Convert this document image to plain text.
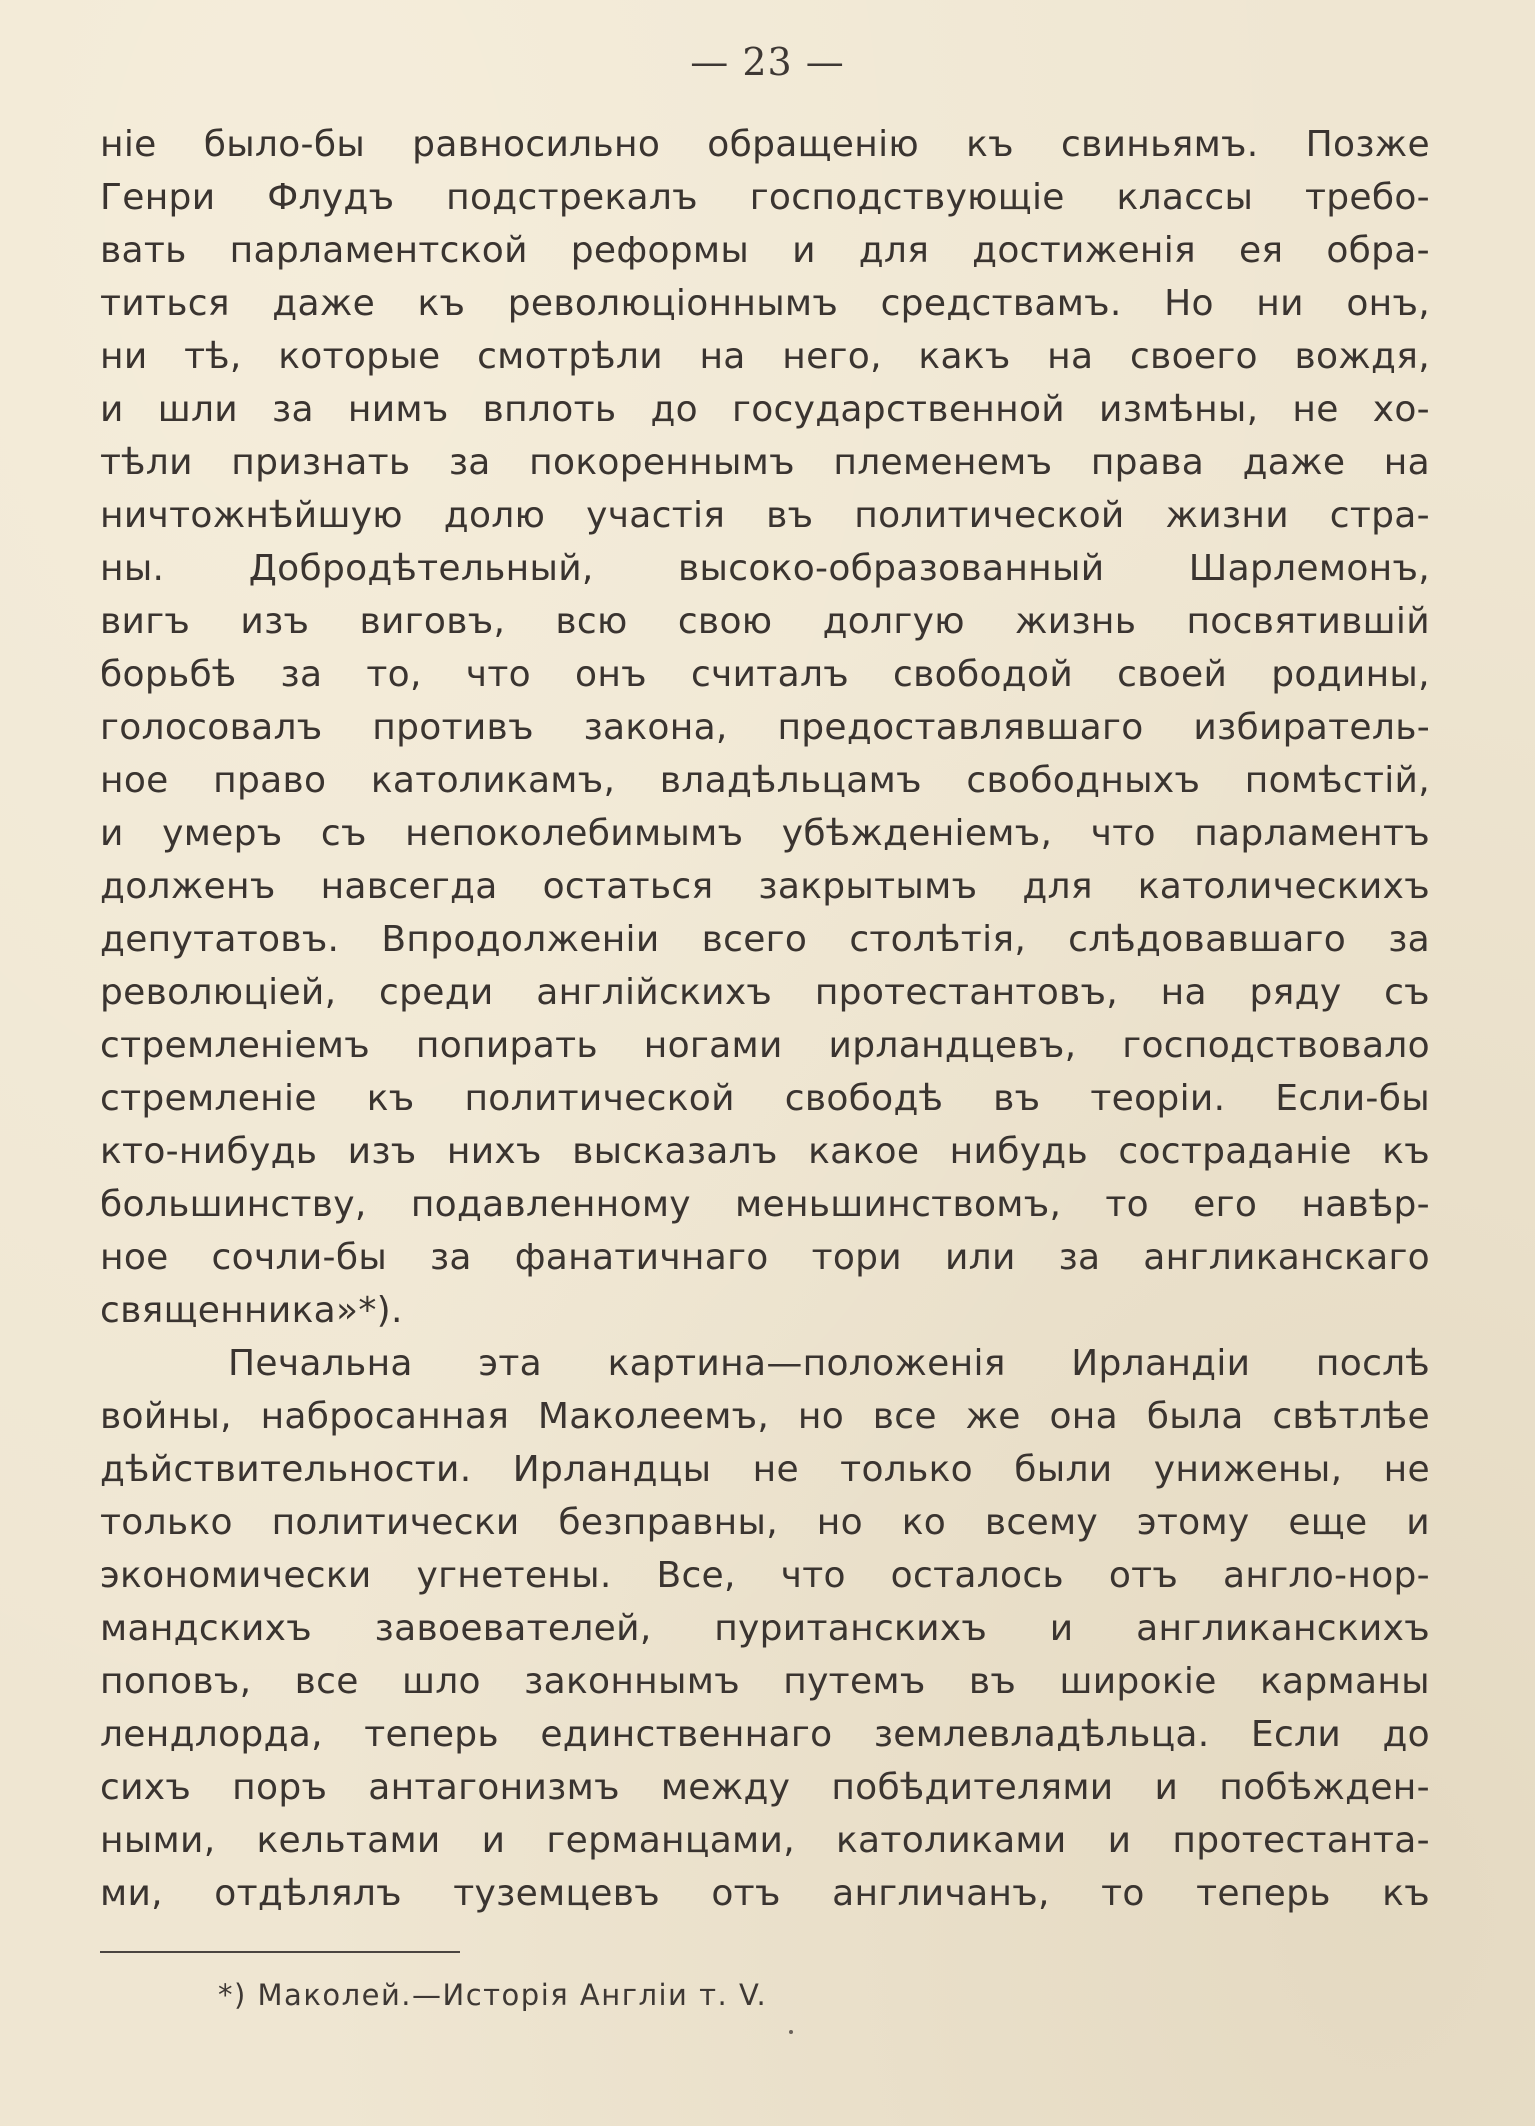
— 23 —
ніе было-бы равносильно обращенію къ свиньямъ. Позже
Генри Флудъ подстрекалъ господствующіе классы требо-
вать парламентской реформы и для достиженія ея обра-
титься даже къ революціоннымъ средствамъ. Но ни онъ,
ни тѣ, которые смотрѣли на него, какъ на своего вождя,
и шли за нимъ вплоть до государственной измѣны, не хо-
тѣли признать за покореннымъ племенемъ права даже на
ничтожнѣйшую долю участія въ политической жизни стра-
ны. Добродѣтельный, высоко-образованный Шарлемонъ,
вигъ изъ виговъ, всю свою долгую жизнь посвятившій
борьбѣ за то, что онъ считалъ свободой своей родины,
голосовалъ противъ закона, предоставлявшаго избиратель-
ное право католикамъ, владѣльцамъ свободныхъ помѣстій,
и умеръ съ непоколебимымъ убѣжденіемъ, что парламентъ
долженъ навсегда остаться закрытымъ для католическихъ
депутатовъ. Впродолженіи всего столѣтія, слѣдовавшаго за
революціей, среди англійскихъ протестантовъ, на ряду съ
стремленіемъ попирать ногами ирландцевъ, господствовало
стремленіе къ политической свободѣ въ теоріи. Если-бы
кто-нибудь изъ нихъ высказалъ какое нибудь состраданіе къ
большинству, подавленному меньшинствомъ, то его навѣр-
ное сочли-бы за фанатичнаго тори или за англиканскаго
священника»*).
Печальна эта картина—положенія Ирландіи послѣ
войны, набросанная Маколеемъ, но все же она была свѣтлѣе
дѣйствительности. Ирландцы не только были унижены, не
только политически безправны, но ко всему этому еще и
экономически угнетены. Все, что осталось отъ англо-нор-
мандскихъ завоевателей, пуританскихъ и англиканскихъ
поповъ, все шло законнымъ путемъ въ широкіе карманы
лендлорда, теперь единственнаго землевладѣльца. Если до
сихъ поръ антагонизмъ между побѣдителями и побѣжден-
ными, кельтами и германцами, католиками и протестанта-
ми, отдѣлялъ туземцевъ отъ англичанъ, то теперь къ
*) Маколей.—Исторія Англіи т. V.
